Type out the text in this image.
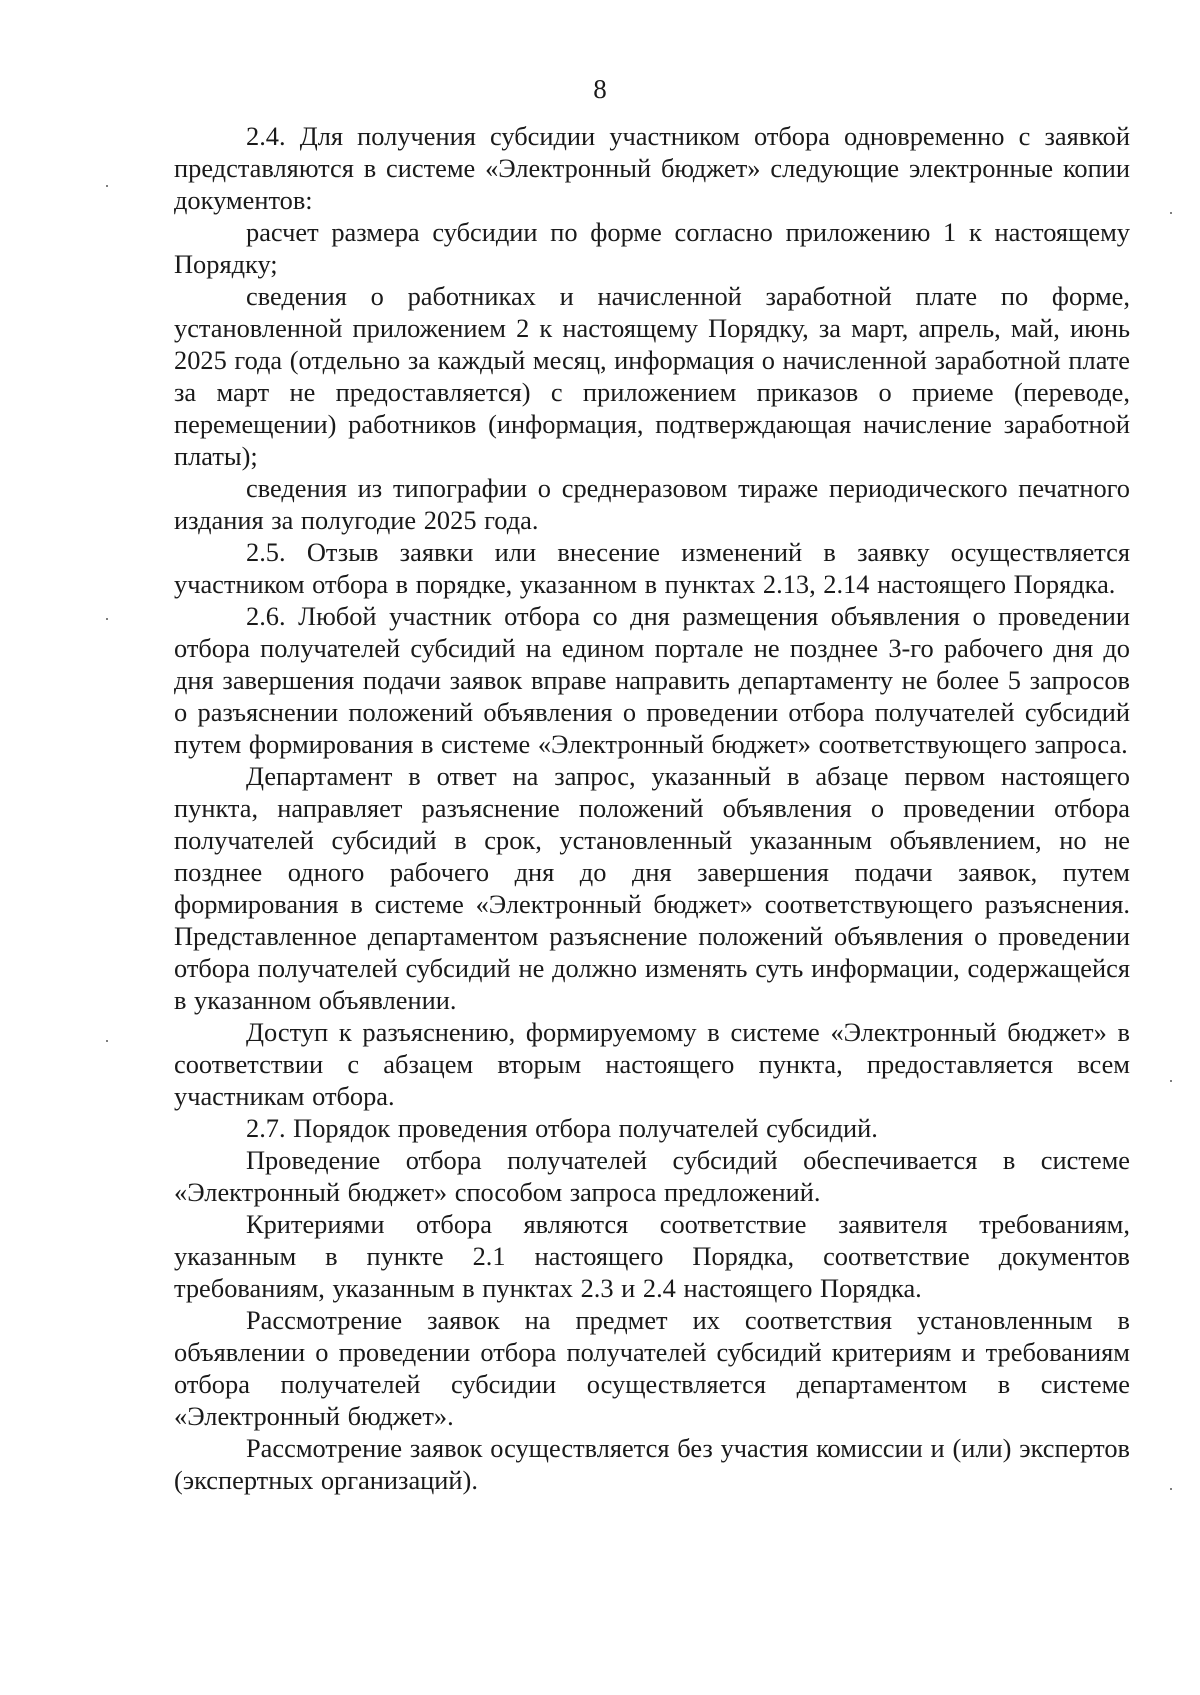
8

2.4. Для получения субсидии участником отбора одновременно с заявкой представляются в системе «Электронный бюджет» следующие электронные копии документов:

расчет размера субсидии по форме согласно приложению 1 к настоящему Порядку;

сведения о работниках и начисленной заработной плате по форме, установленной приложением 2 к настоящему Порядку, за март, апрель, май, июнь 2025 года (отдельно за каждый месяц, информация о начисленной заработной плате за март не предоставляется) с приложением приказов о приеме (переводе, перемещении) работников (информация, подтверждающая начисление заработной платы);

сведения из типографии о среднеразовом тираже периодического печатного издания за полугодие 2025 года.

2.5. Отзыв заявки или внесение изменений в заявку осуществляется участником отбора в порядке, указанном в пунктах 2.13, 2.14 настоящего Порядка.

2.6. Любой участник отбора со дня размещения объявления о проведении отбора получателей субсидий на едином портале не позднее 3-го рабочего дня до дня завершения подачи заявок вправе направить департаменту не более 5 запросов о разъяснении положений объявления о проведении отбора получателей субсидий путем формирования в системе «Электронный бюджет» соответствующего запроса.

Департамент в ответ на запрос, указанный в абзаце первом настоящего пункта, направляет разъяснение положений объявления о проведении отбора получателей субсидий в срок, установленный указанным объявлением, но не позднее одного рабочего дня до дня завершения подачи заявок, путем формирования в системе «Электронный бюджет» соответствующего разъяснения. Представленное департаментом разъяснение положений объявления о проведении отбора получателей субсидий не должно изменять суть информации, содержащейся в указанном объявлении.

Доступ к разъяснению, формируемому в системе «Электронный бюджет» в соответствии с абзацем вторым настоящего пункта, предоставляется всем участникам отбора.

2.7. Порядок проведения отбора получателей субсидий.

Проведение отбора получателей субсидий обеспечивается в системе «Электронный бюджет» способом запроса предложений.

Критериями отбора являются соответствие заявителя требованиям, указанным в пункте 2.1 настоящего Порядка, соответствие документов требованиям, указанным в пунктах 2.3 и 2.4 настоящего Порядка.

Рассмотрение заявок на предмет их соответствия установленным в объявлении о проведении отбора получателей субсидий критериям и требованиям отбора получателей субсидии осуществляется департаментом в системе «Электронный бюджет».

Рассмотрение заявок осуществляется без участия комиссии и (или) экспертов (экспертных организаций).
